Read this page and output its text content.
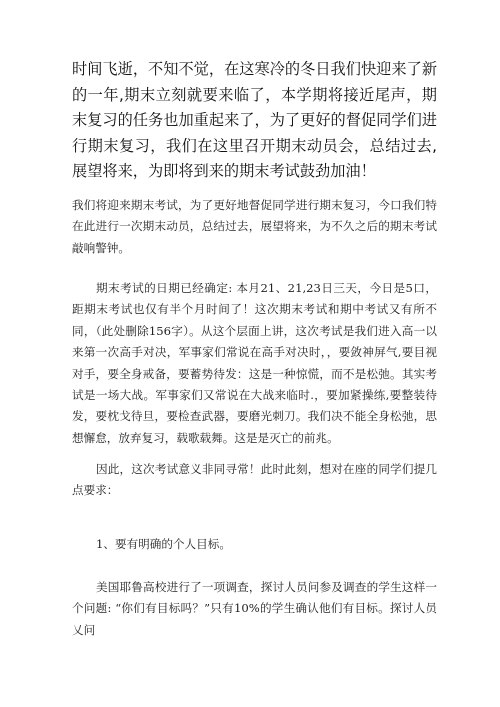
时间飞逝，不知不觉，在这寒冷的冬日我们快迎来了新的一年,期末立刻就要来临了，本学期将接近尾声，期末复习的任务也加重起来了，为了更好的督促同学们进行期末复习，我们在这里召开期末动员会，总结过去,展望将来，为即将到来的期末考试鼓劲加油！

我们将迎来期末考试，为了更好地督促同学进行期末复习，今口我们特在此进行一次期末动员，总结过去，展望将来，为不久之后的期末考试敲响警钟。

期末考试的日期已经确定: 本月21、21,23日三天，今日是5口，距期末考试也仅有半个月时间了！这次期末考试和期中考试又有所不同，（此处删除156字）。从这个层面上讲，这次考试是我们进入高一以来第一次高手对决，军事家们常说在高手对决时，，要敛神屏气,要目视对手，要全身戒备，要蓄势待发：这是一种惊慌，而不是松弛。其实考试是一场大战。军事家们又常说在大战来临时.，要加紧操练,要整装待发，要枕戈待旦，要检查武器，要磨光刺刀。我们决不能全身松弛，思想懈怠，放弃复习，载歌载舞。这是是灭亡的前兆。

因此，这次考试意义非同寻常！此时此刻，想对在座的同学们提几点要求：

1、要有明确的个人目标。

美国耶鲁高校进行了一项调查，探讨人员问参及调查的学生这样一个问题: “你们有目标吗？”只有10%的学生确认他们有目标。探讨人员乂问
